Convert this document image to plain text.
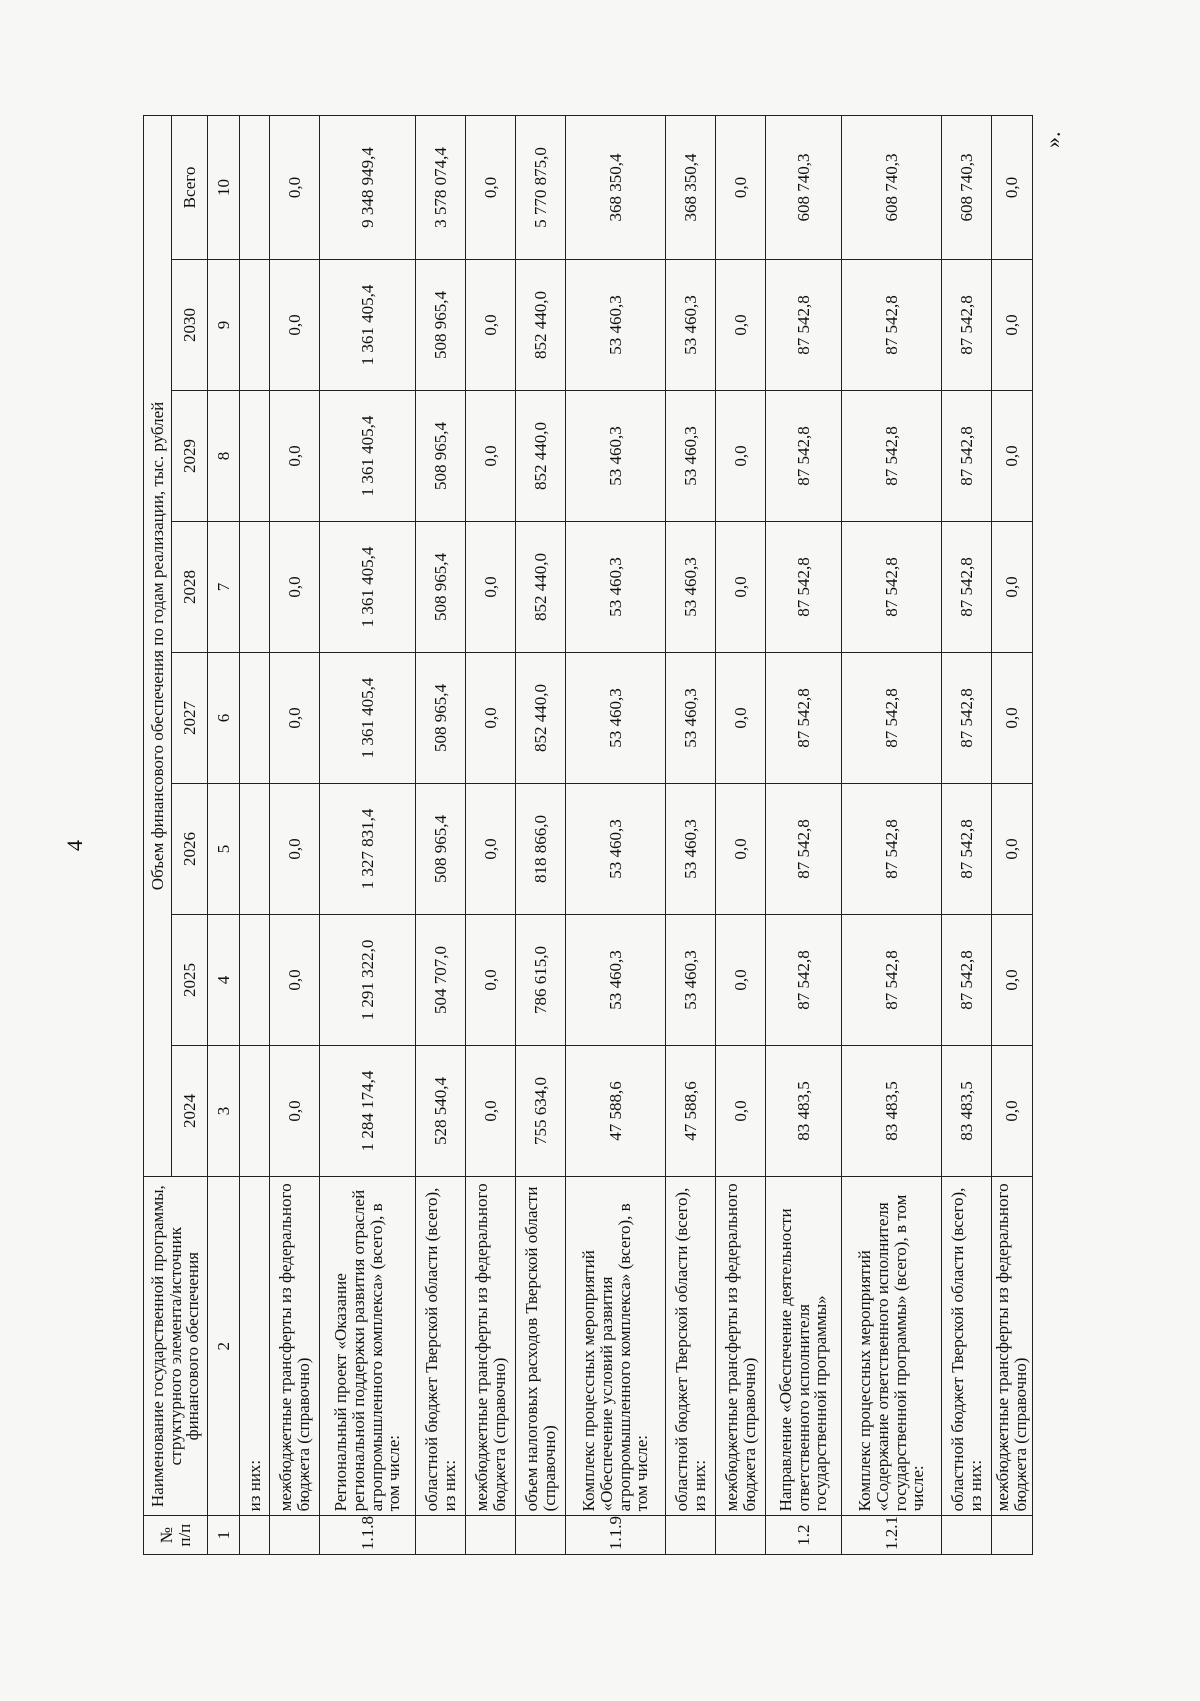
4
№ п/п	Наименование государственной программы, структурного элемента/источник финансового обеспечения	Объем финансового обеспечения по годам реализации, тыс. рублей							
		2024	2025	2026	2027	2028	2029	2030	Всего
1	2	3	4	5	6	7	8	9	10
	из них:								
	межбюджетные трансферты из федерального бюджета (справочно)	0,0	0,0	0,0	0,0	0,0	0,0	0,0	0,0
1.1.8	Региональный проект «Оказание региональной поддержки развития отраслей агропромышленного комплекса» (всего), в том числе:	1 284 174,4	1 291 322,0	1 327 831,4	1 361 405,4	1 361 405,4	1 361 405,4	1 361 405,4	9 348 949,4
	областной бюджет Тверской области (всего), из них:	528 540,4	504 707,0	508 965,4	508 965,4	508 965,4	508 965,4	508 965,4	3 578 074,4
	межбюджетные трансферты из федерального бюджета (справочно)	0,0	0,0	0,0	0,0	0,0	0,0	0,0	0,0
	объем налоговых расходов Тверской области (справочно)	755 634,0	786 615,0	818 866,0	852 440,0	852 440,0	852 440,0	852 440,0	5 770 875,0
1.1.9	Комплекс процессных мероприятий «Обеспечение условий развития агропромышленного комплекса» (всего), в том числе:	47 588,6	53 460,3	53 460,3	53 460,3	53 460,3	53 460,3	53 460,3	368 350,4
	областной бюджет Тверской области (всего), из них:	47 588,6	53 460,3	53 460,3	53 460,3	53 460,3	53 460,3	53 460,3	368 350,4
	межбюджетные трансферты из федерального бюджета (справочно)	0,0	0,0	0,0	0,0	0,0	0,0	0,0	0,0
1.2	Направление «Обеспечение деятельности ответственного исполнителя государственной программы»	83 483,5	87 542,8	87 542,8	87 542,8	87 542,8	87 542,8	87 542,8	608 740,3
1.2.1	Комплекс процессных мероприятий «Содержание ответственного исполнителя государственной программы» (всего), в том числе:	83 483,5	87 542,8	87 542,8	87 542,8	87 542,8	87 542,8	87 542,8	608 740,3
	областной бюджет Тверской области (всего), из них:	83 483,5	87 542,8	87 542,8	87 542,8	87 542,8	87 542,8	87 542,8	608 740,3
	межбюджетные трансферты из федерального бюджета (справочно)	0,0	0,0	0,0	0,0	0,0	0,0	0,0	0,0
».
